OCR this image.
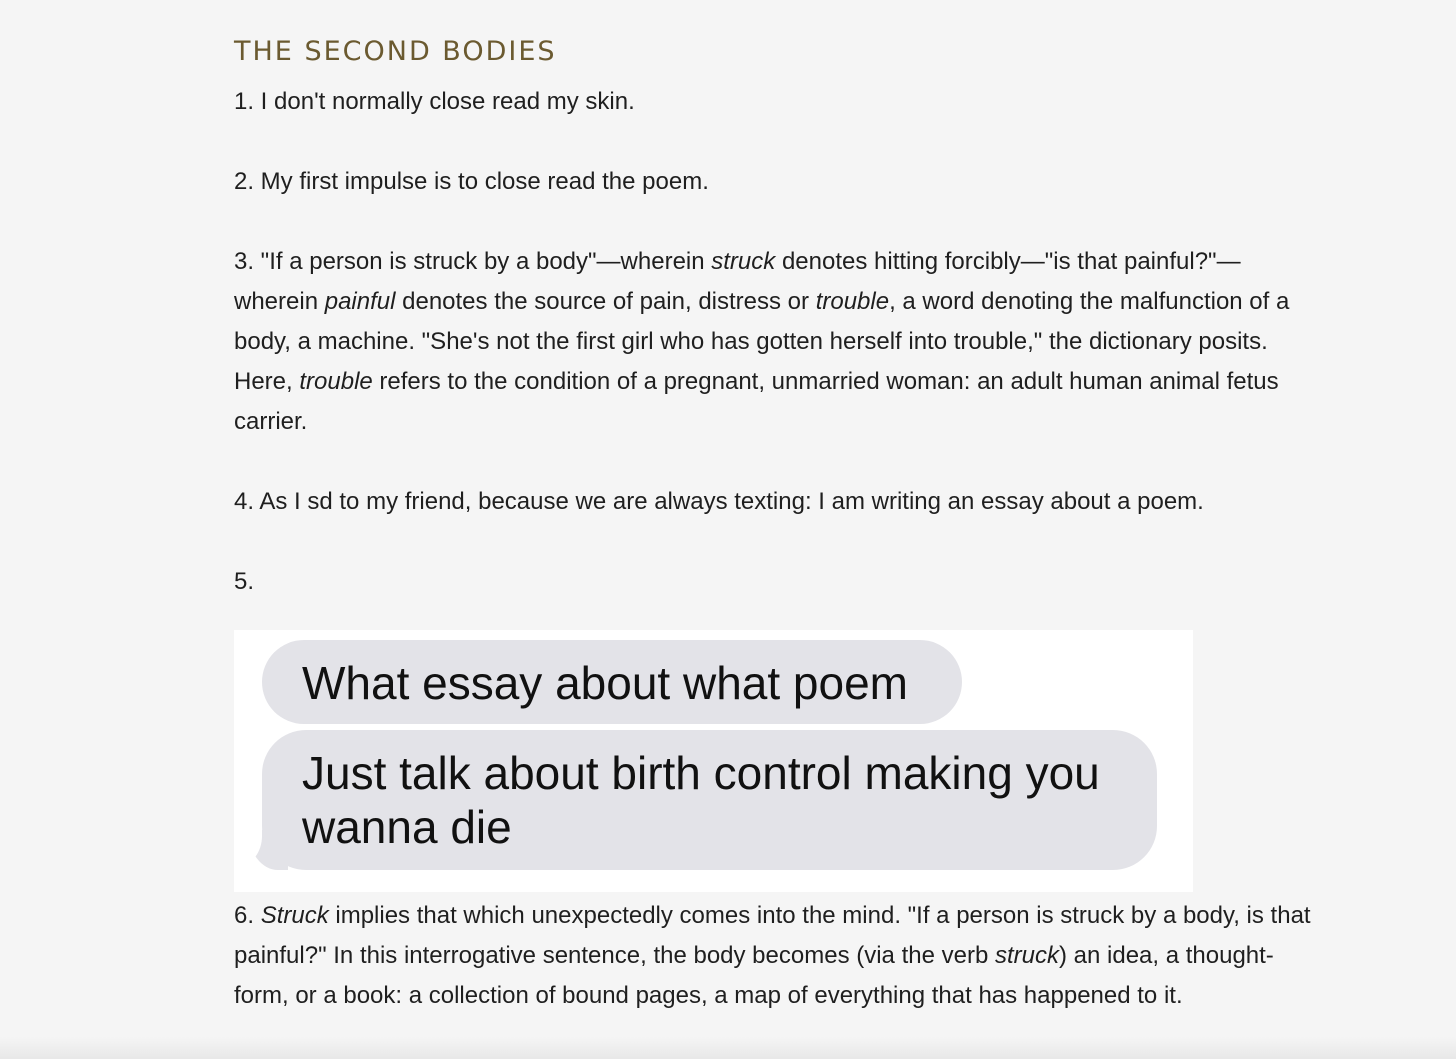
THE SECOND BODIES

1. I don't normally close read my skin.

2. My first impulse is to close read the poem.

3. "If a person is struck by a body"—wherein struck denotes hitting forcibly—"is that painful?"—wherein painful denotes the source of pain, distress or trouble, a word denoting the malfunction of a body, a machine. "She's not the first girl who has gotten herself into trouble," the dictionary posits. Here, trouble refers to the condition of a pregnant, unmarried woman: an adult human animal fetus carrier.

4. As I sd to my friend, because we are always texting: I am writing an essay about a poem.

5.

What essay about what poem
Just talk about birth control making you wanna die

6. Struck implies that which unexpectedly comes into the mind. "If a person is struck by a body, is that painful?" In this interrogative sentence, the body becomes (via the verb struck) an idea, a thought-form, or a book: a collection of bound pages, a map of everything that has happened to it.
